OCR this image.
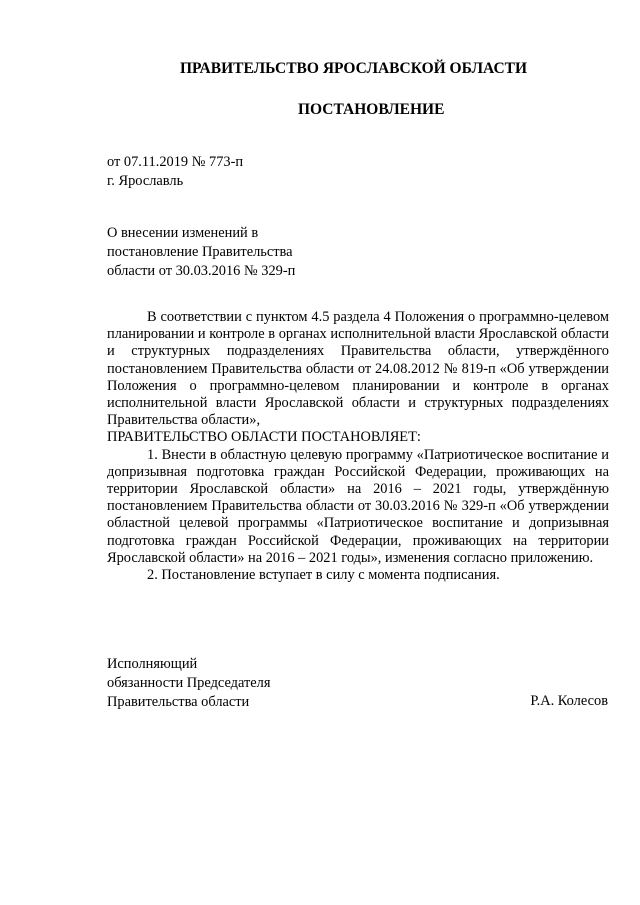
ПРАВИТЕЛЬСТВО ЯРОСЛАВСКОЙ ОБЛАСТИ
ПОСТАНОВЛЕНИЕ
от 07.11.2019 № 773-п
г. Ярославль
О внесении изменений в
постановление Правительства
области от 30.03.2016 № 329-п

В соответствии с пунктом 4.5 раздела 4 Положения о программно-целевом планировании и контроле в органах исполнительной власти Ярославской области и структурных подразделениях Правительства области, утверждённого постановлением Правительства области от 24.08.2012 № 819-п «Об утверждении Положения о программно-целевом планировании и контроле в органах исполнительной власти Ярославской области и структурных подразделениях Правительства области»,

ПРАВИТЕЛЬСТВО ОБЛАСТИ ПОСТАНОВЛЯЕТ:

1. Внести в областную целевую программу «Патриотическое воспитание и допризывная подготовка граждан Российской Федерации, проживающих на территории Ярославской области» на 2016 – 2021 годы, утверждённую постановлением Правительства области от 30.03.2016 № 329-п «Об утверждении областной целевой программы «Патриотическое воспитание и допризывная подготовка граждан Российской Федерации, проживающих на территории Ярославской области» на 2016 – 2021 годы», изменения согласно приложению.

2. Постановление вступает в силу с момента подписания.

Исполняющий
обязанности Председателя
Правительства области	Р.А. Колесов
